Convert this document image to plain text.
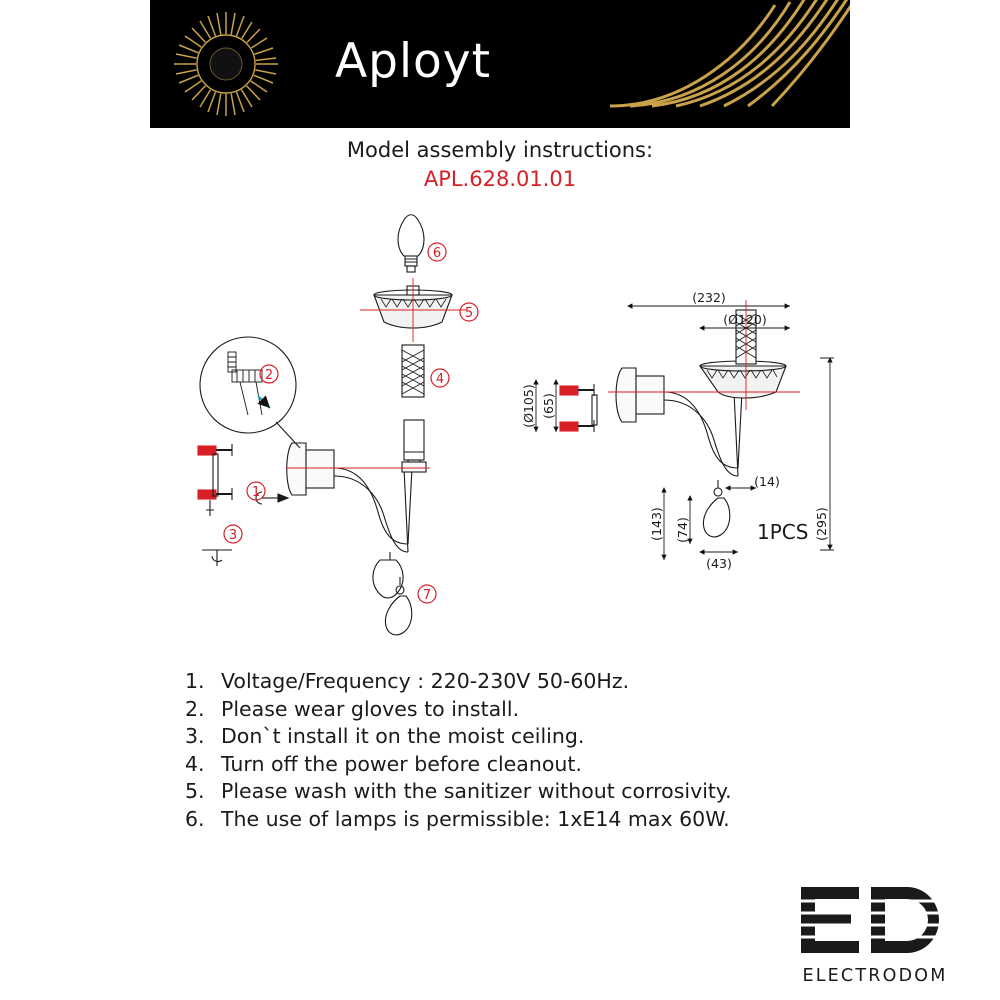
Aployt
Model assembly instructions:
APL.628.01.01
6
5
4
1
2
3
7
(232)
(Ø120)
(Ø105) (65)
(295)
(143) (74)
(43)
(14)
1PCS
1. Voltage/Frequency : 220-230V 50-60Hz.
2. Please wear gloves to install.
3. Don`t install it on the moist ceiling.
4. Turn off the power before cleanout.
5. Please wash with the sanitizer without corrosivity.
6. The use of lamps is permissible: 1xE14 max 60W.
ELECTRODOM
